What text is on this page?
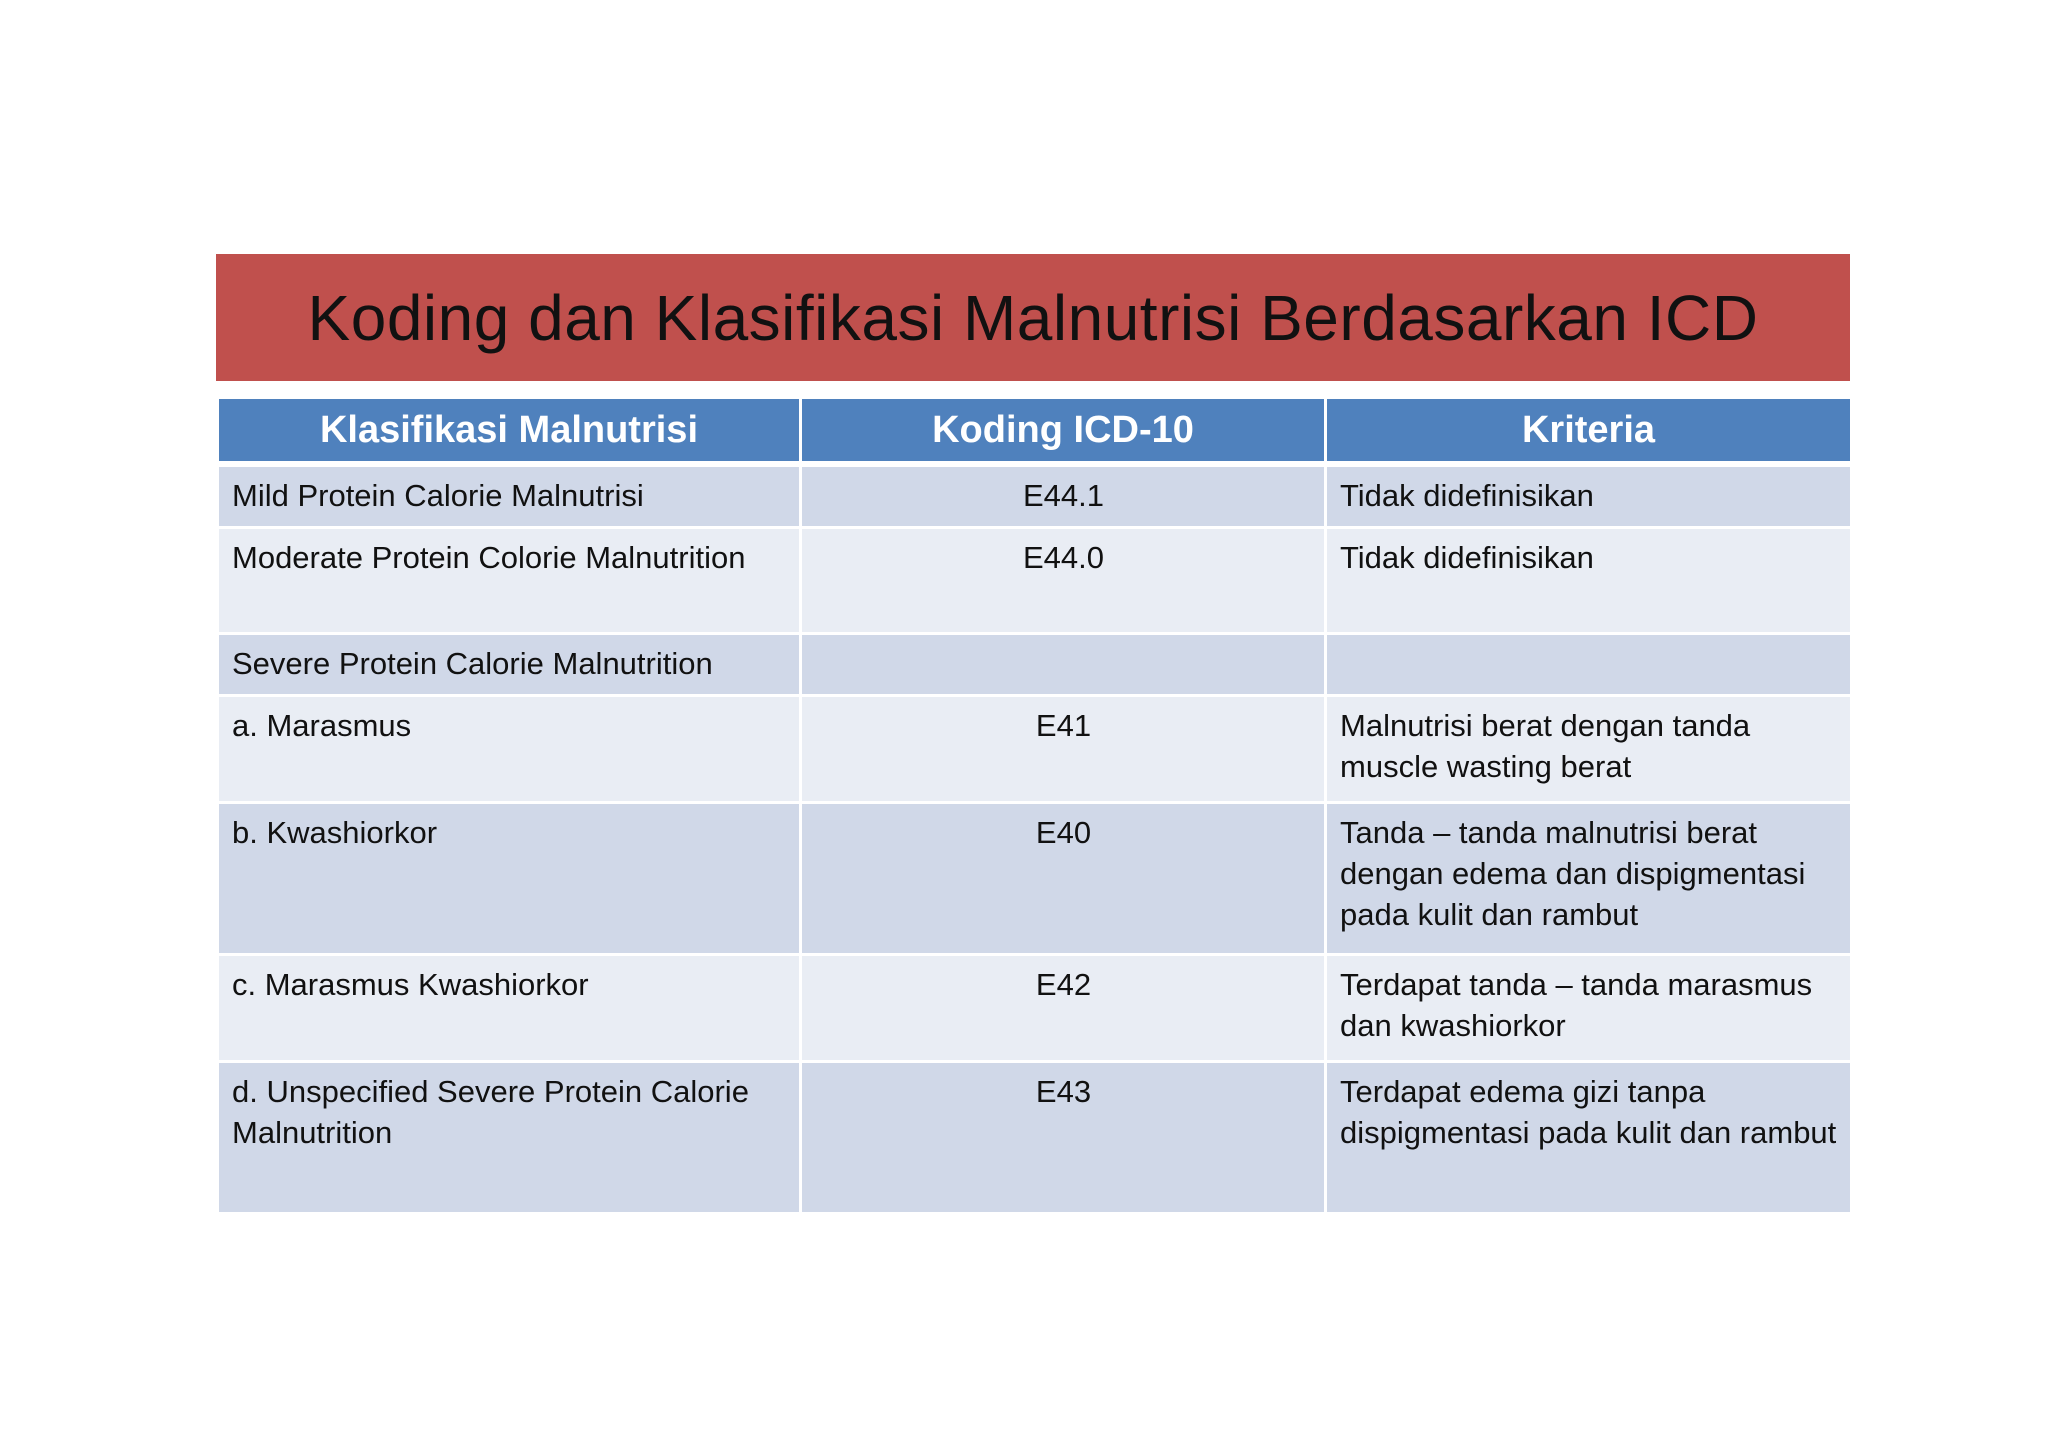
Koding dan Klasifikasi Malnutrisi Berdasarkan ICD
Klasifikasi Malnutrisi	Koding ICD-10	Kriteria
Mild Protein Calorie Malnutrisi	E44.1	Tidak didefinisikan
Moderate Protein Colorie Malnutrition	E44.0	Tidak didefinisikan
Severe Protein Calorie Malnutrition		
a. Marasmus	E41	Malnutrisi berat dengan tanda muscle wasting berat
b. Kwashiorkor	E40	Tanda – tanda malnutrisi berat dengan edema dan dispigmentasi pada kulit dan rambut
c. Marasmus Kwashiorkor	E42	Terdapat tanda – tanda marasmus dan kwashiorkor
d. Unspecified Severe Protein Calorie Malnutrition	E43	Terdapat edema gizi tanpa dispigmentasi pada kulit dan rambut
